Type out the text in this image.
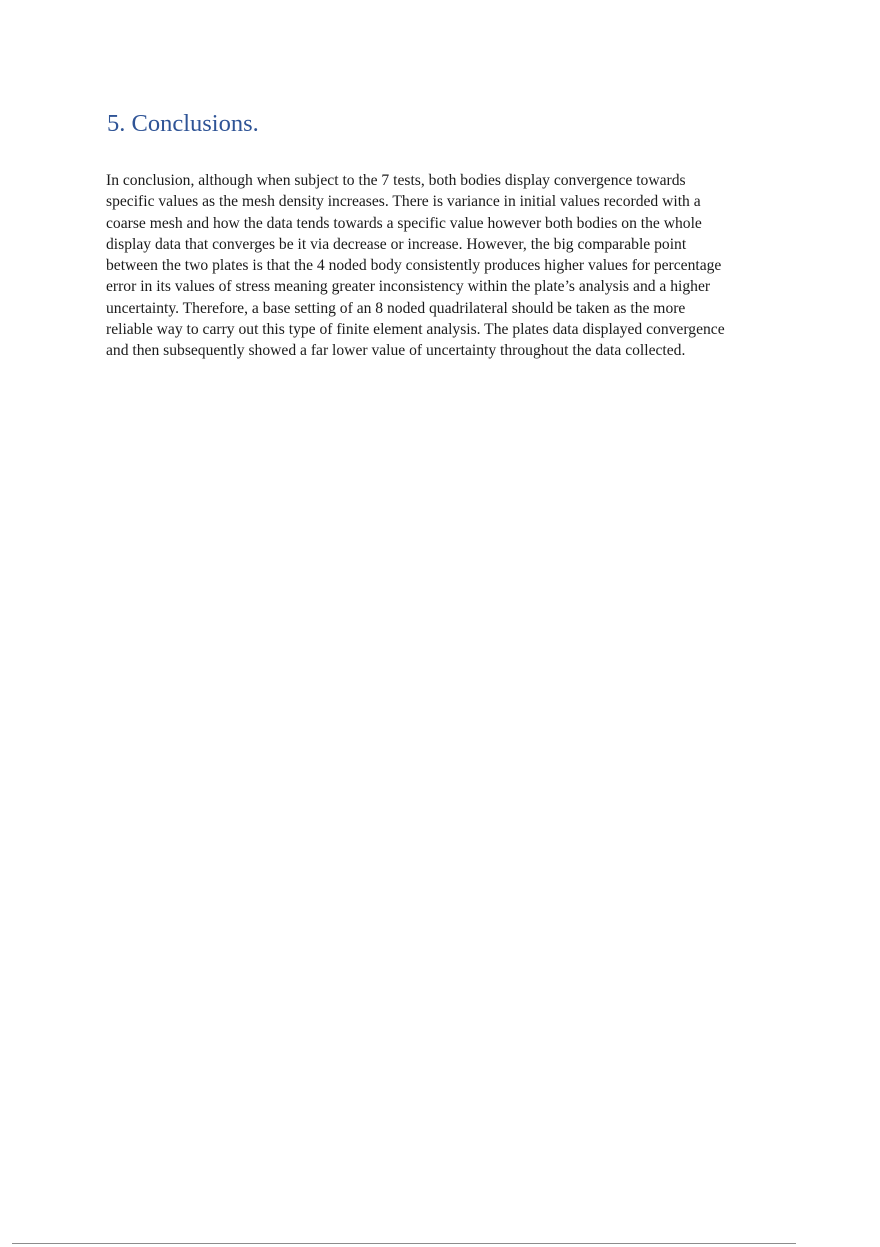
5. Conclusions.

In conclusion, although when subject to the 7 tests, both bodies display convergence towards
specific values as the mesh density increases. There is variance in initial values recorded with a
coarse mesh and how the data tends towards a specific value however both bodies on the whole
display data that converges be it via decrease or increase. However, the big comparable point
between the two plates is that the 4 noded body consistently produces higher values for percentage
error in its values of stress meaning greater inconsistency within the plate’s analysis and a higher
uncertainty. Therefore, a base setting of an 8 noded quadrilateral should be taken as the more
reliable way to carry out this type of finite element analysis. The plates data displayed convergence
and then subsequently showed a far lower value of uncertainty throughout the data collected.
